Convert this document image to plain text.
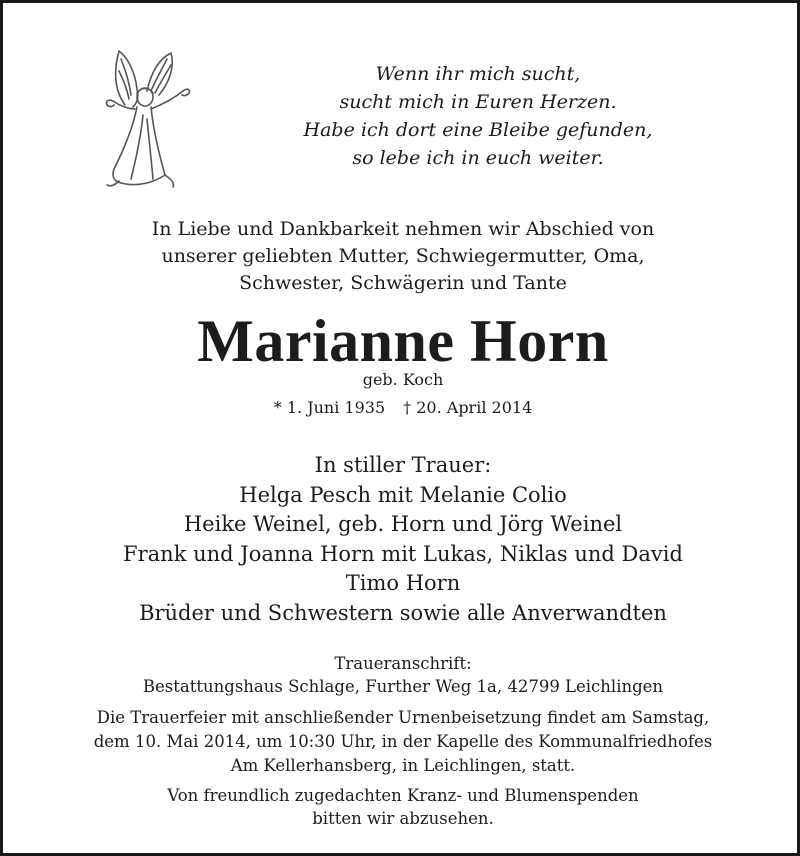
Wenn ihr mich sucht,
sucht mich in Euren Herzen.
Habe ich dort eine Bleibe gefunden,
so lebe ich in euch weiter.
In Liebe und Dankbarkeit nehmen wir Abschied von
unserer geliebten Mutter, Schwiegermutter, Oma,
Schwester, Schwägerin und Tante
Marianne Horn
geb. Koch
* 1. Juni 1935 † 20. April 2014
In stiller Trauer:
Helga Pesch mit Melanie Colio
Heike Weinel, geb. Horn und Jörg Weinel
Frank und Joanna Horn mit Lukas, Niklas und David
Timo Horn
Brüder und Schwestern sowie alle Anverwandten
Traueranschrift:
Bestattungshaus Schlage, Further Weg 1a, 42799 Leichlingen
Die Trauerfeier mit anschließender Urnenbeisetzung findet am Samstag,
dem 10. Mai 2014, um 10:30 Uhr, in der Kapelle des Kommunalfriedhofes
Am Kellerhansberg, in Leichlingen, statt.
Von freundlich zugedachten Kranz- und Blumenspenden
bitten wir abzusehen.
